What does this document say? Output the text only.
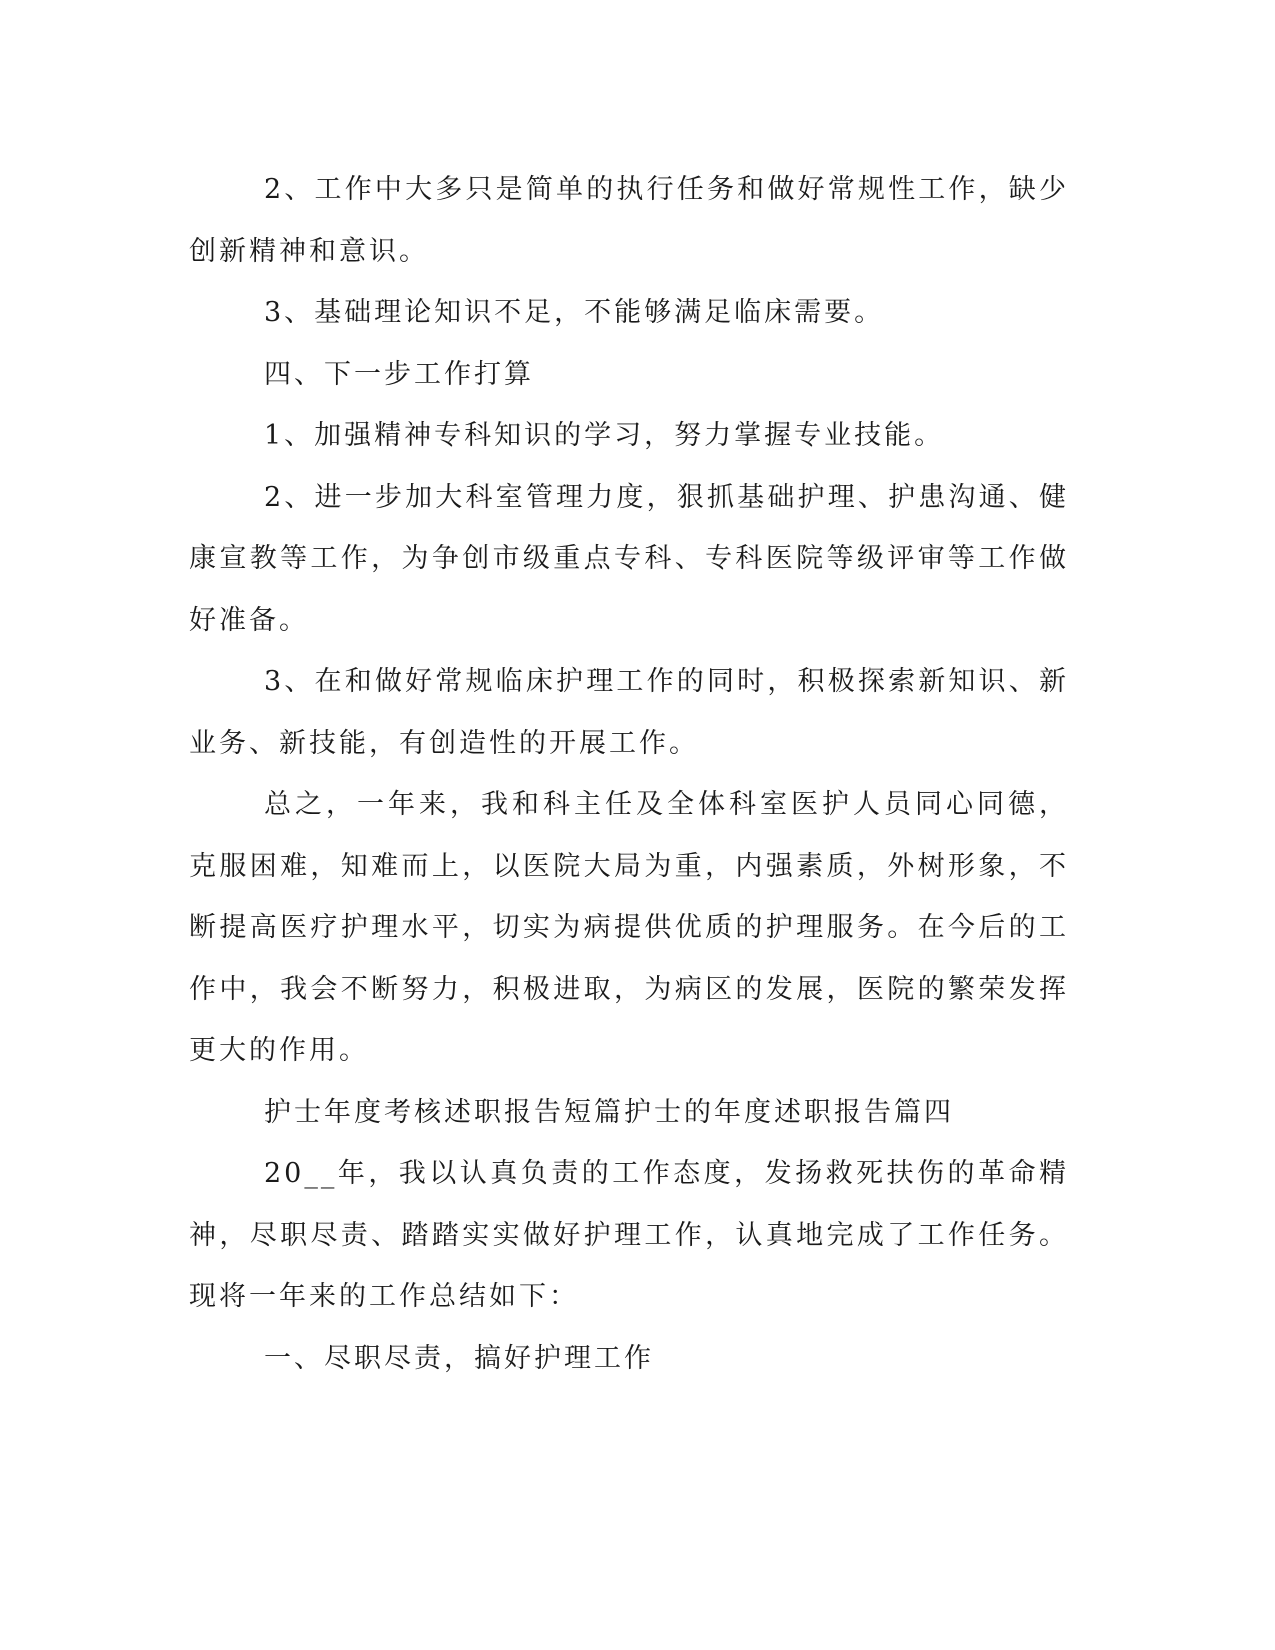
2、工作中大多只是简单的执行任务和做好常规性工作，缺少创新精神和意识。

3、基础理论知识不足，不能够满足临床需要。

四、下一步工作打算

1、加强精神专科知识的学习，努力掌握专业技能。

2、进一步加大科室管理力度，狠抓基础护理、护患沟通、健康宣教等工作，为争创市级重点专科、专科医院等级评审等工作做好准备。

3、在和做好常规临床护理工作的同时，积极探索新知识、新业务、新技能，有创造性的开展工作。

总之，一年来，我和科主任及全体科室医护人员同心同德，克服困难，知难而上，以医院大局为重，内强素质，外树形象，不断提高医疗护理水平，切实为病提供优质的护理服务。在今后的工作中，我会不断努力，积极进取，为病区的发展，医院的繁荣发挥更大的作用。

护士年度考核述职报告短篇护士的年度述职报告篇四

20__年，我以认真负责的工作态度，发扬救死扶伤的革命精神，尽职尽责、踏踏实实做好护理工作，认真地完成了工作任务。现将一年来的工作总结如下：

一、尽职尽责，搞好护理工作
